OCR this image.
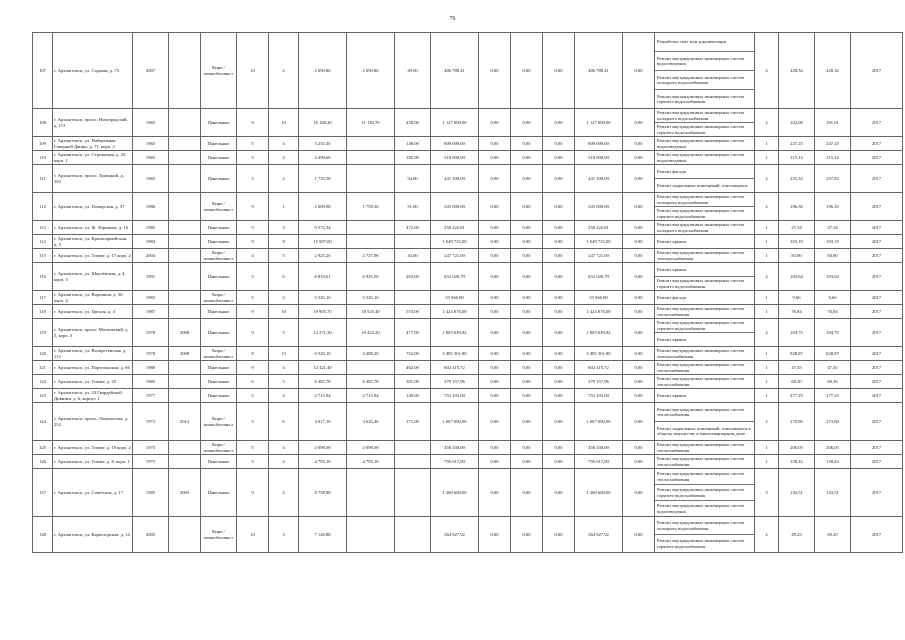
76
107	г. Архангельск, ул. Садовая, д. 73	2007		Кирп./ шлакоблочны е	10	2	2 090,86	2 090,86	49,00	486 788,41	0,00	0,00	0,00	486 788,41	0,00	Разработка смет или документации
Ремонт внутридомовых инженерных систем водоотведения
Ремонт внутридомовых инженерных систем холодного водоснабжения
Ремонт внутридомовых инженерных систем горячего водоснабжения	4	228,32	228,32	2017
108	г. Архангельск, просп. Новгородский, д. 113	1965		Панельные	9	10	16 168,20	11 130,70	458,00	1 127 009,00	0,00	0,00	0,00	1 127 009,00	0,00	Ремонт внутридомовых инженерных систем холодного водоснабжения
Ремонт внутридомовых инженерных систем горячего водоснабжения	2	102,06	101,01	2017
109	г. Архангельск, ул. Набережная Северной Двины, д. 71, корп. 2	1965		Панельные	5	4	3 235,40		148,00	800 000,00	0,00	0,00	0,00	800 000,00	0,00	Ремонт внутридомовых инженерных систем водоотведения	1	247,25	247,25	2017
110	г. Архангельск, ул. Стрелковая, д. 25, корп. 1	1965		Панельные	5	2	4 499,60		185,00	518 000,00	0,00	0,00	0,00	518 000,00	0,00	Ремонт внутридомовых инженерных систем водоотведения	1	115,14	115,14	2017
111	г. Архангельск, просп. Троицкий, д. 193	1965		Панельные	5	2	1 733,58		54,00	441 100,00	0,00	0,00	0,00	441 100,00	0,00	Ремонт фасада
Ремонт подвальных помещений, относящихся	2	255,32	257,83	2017
112	г. Архангельск, ул. Поморская, д. 37	1986		Кирп./ шлакоблочны е	9	1	2 009,98	1 759,36	51,00	345 000,00	0,00	0,00	0,00	345 000,00	0,00	Ремонт внутридомовых инженерных систем холодного водоснабжения
Ремонт внутридомовых инженерных систем горячего водоснабжения	2	196,30	196,30	2017
113	г. Архангельск, ул. Ф. Абрамова, д. 16	1985		Панельные	9	3	9 572,34		472,00	256 222,81	0,00	0,00	0,00	256 222,81	0,00	Ремонт внутридомовых инженерных систем холодного водоснабжения	1	27,34	27,34	2017
114	г. Архангельск, ул. Красноармейская, д. 5	1984		Панельные	9	8	15 987,00			1 649 733,00	0,00	0,00	0,00	1 649 733,00	0,00	Ремонт крыши	1	103,19	103,19	2017
115	г. Архангельск, ул. Тимме, д. 17 корп. 2	2004		Кирп./ шлакоблочны е	4	5	2 925,26	2 727,06	43,00	247 721,00	0,00	0,00	0,00	247 721,00	0,00	Ремонт внутридомовых инженерных систем электроснабжения	1	83,80	83,80	2017
116	г. Архангельск, ул. Шкулёвская, д. 4, корп. 3	1991		Панельные	5	6	6 810,61	6 925,50	263,00	653 026,79	0,00	0,00	0,00	653 026,79	0,00	Ремонт крыши
Ремонт внутридомовых инженерных систем горячего водоснабжения	2	103,64	103,64	2017
117	г. Архангельск, ул. Воронина, д. 30, корп. 4	1965		Кирп./ шлакоблочны е	5	2	5 545,16	5 545,16		53 566,00	0,00	0,00	0,00	53 566,00	0,00	Ремонт фасада	1	9,66	9,66	2017
118	г. Архангельск, ул. Цигаля, д. 4	1987		Панельные	9	10	19 905,70	18 525,40	574,00	1 424 076,00	0,00	0,00	0,00	1 424 076,00	0,00	Ремонт внутридомовых инженерных систем теплоснабжения	1	76,84	76,84	2017
119	г. Архангельск, просп. Московский, д. 5, корп. 3	1978	2008	Панельные	9	5	12 271,30	10 432,20	477,00	1 005 649,92	0,00	0,00	0,00	1 005 649,92	0,00	Ремонт внутридомовых инженерных систем горячего водоснабжения
Ремонт крыши	2	104,75	104,75	2017
120	г. Архангельск, ул. Воскресенская, д. 113	1978	2008	Кирп./ шлакоблочны е	8	13	6 520,10	4 288,20	752,00	5 485 361,80	0,00	0,00	0,00	5 485 361,80	0,00	Ремонт внутридомовых инженерных систем электроснабжения	1	828,87	828,87	2017
121	г. Архангельск, ул. Партизанская, д. 66	1988		Панельные	9	4	12 421,40		462,00	602 415,72	0,00	0,00	0,00	602 415,72	0,00	Ремонт внутридомовых инженерных систем теплоснабжения	1	47,45	47,45	2017
122	г. Архангельск, ул. Тимме, д. 25	1985		Панельные	6	5	6 283,78	6 283,78	301,00	379 157,96	0,00	0,00	0,00	379 157,96	0,00	Ремонт внутридомовых инженерных систем теплоснабжения	1	60,30	60,30	2017
123	г. Архангельск, ул. 23 Гвардейской Дивизии, д. 6, корпус 1	1977		Панельные	5	4	2 715,94	2 715,94	149,00	752 103,00	0,00	0,00	0,00	752 103,00	0,00	Ремонт крыши	1	277,25	277,25	2017
124	г. Архангельск, просп. Ломоносова, д. 252	1972	2013	Кирп./ шлакоблочны е	5	6	4 017,10	3 625,40	171,00	1 067 000,00	0,00	0,00	0,00	1 067 000,00	0,00	Ремонт внутридомовых инженерных систем теплоснабжения
Ремонт подвальных помещений, относящихся к общему имуществу в многоквартирном доме	2	270,80	273,80	2017
125	г. Архангельск, ул. Тимме, д. 10 корп. 2	1975		Кирп./ шлакоблочны е	5	4	2 098,08	2 098,08		456 330,00	0,00	0,00	0,00	456 330,00	0,00	Ремонт внутридомовых инженерных систем теплоснабжения	1	206,05	206,05	2017
126	г. Архангельск, ул. Тимме, д. 8, корп. 1	1975		Панельные	5	4	4 795,10	4 795,10		759 617,00	0,00	0,00	0,00	759 617,00	0,00	Ремонт внутридомовых инженерных систем теплоснабжения	1	158,42	158,42	2017
127	г. Архангельск, ул. Советская, д. 17	1985	2003	Панельные	9	4	8 758,88			1 260 660,00	0,00	0,00	0,00	1 260 660,00	0,00	Ремонт внутридомовых инженерных систем теплоснабжения
Ремонт внутридомовых инженерных систем горячего водоснабжения
Ремонт внутридомовых инженерных систем водоотведения	3	143,51	143,51	2017
128	г. Архангельск, ул. Карпогорская, д. 14	2005		Кирп./ шлакоблочны е	10	3	7 148,88			364 927,92	0,00	0,00	0,00	364 927,92	0,00	Ремонт внутридомовых инженерных систем холодного водоснабжения
Ремонт внутридомовых инженерных систем горячего водоснабжения	2	49,25	49,25	2017
